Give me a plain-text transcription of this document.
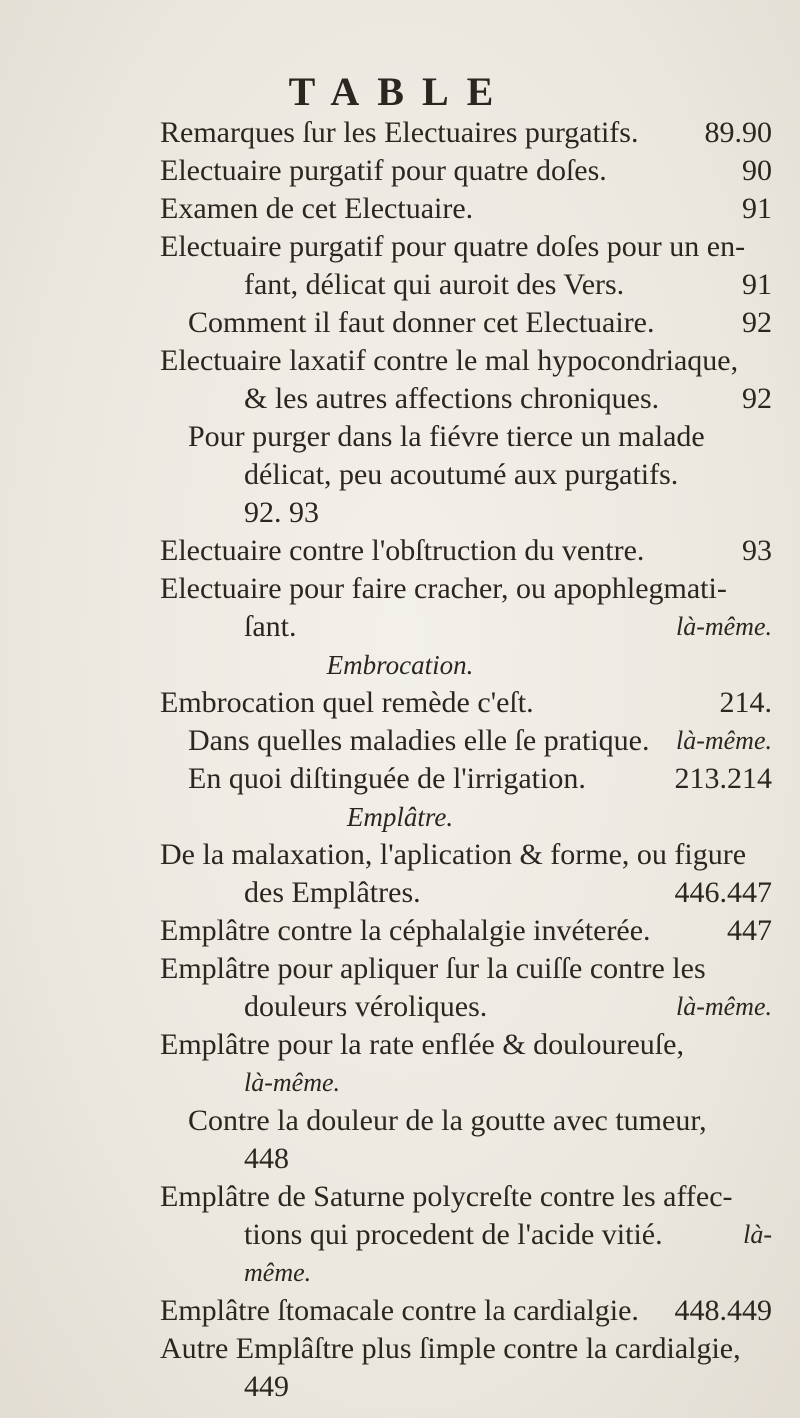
TABLE
Remarques ſur les Electuaires purgatifs. 89.90
Electuaire purgatif pour quatre doſes.	90
Examen de cet Electuaire.	91
Electuaire purgatif pour quatre doſes pour un en-
fant, délicat qui auroit des Vers.	91
Comment il faut donner cet Electuaire.	92
Electuaire laxatif contre le mal hypocondriaque,
& les autres affections chroniques.	92
Pour purger dans la fiévre tierce un malade
délicat, peu acoutumé aux purgatifs.
92. 93
Electuaire contre l'obſtruction du ventre.	93
Electuaire pour faire cracher, ou apophlegmati-
ſant.	là-même.
Embrocation.
Embrocation quel remède c'eſt.	214.
Dans quelles maladies elle ſe pratique. là-même.
En quoi diſtinguée de l'irrigation.	213.214
Emplâtre.
De la malaxation, l'aplication & forme, ou figure
des Emplâtres.	446.447
Emplâtre contre la céphalalgie invéterée.	447
Emplâtre pour apliquer ſur la cuiſſe contre les
douleurs véroliques.	là-même.
Emplâtre pour la rate enflée & douloureuſe,
là-même.
Contre la douleur de la goutte avec tumeur,
448
Emplâtre de Saturne polycreſte contre les affec-
tions qui procedent de l'acide vitié.	là-
même.
Emplâtre ſtomacale contre la cardialgie. 448.449
Autre Emplâſtre plus ſimple contre la cardialgie,
449
